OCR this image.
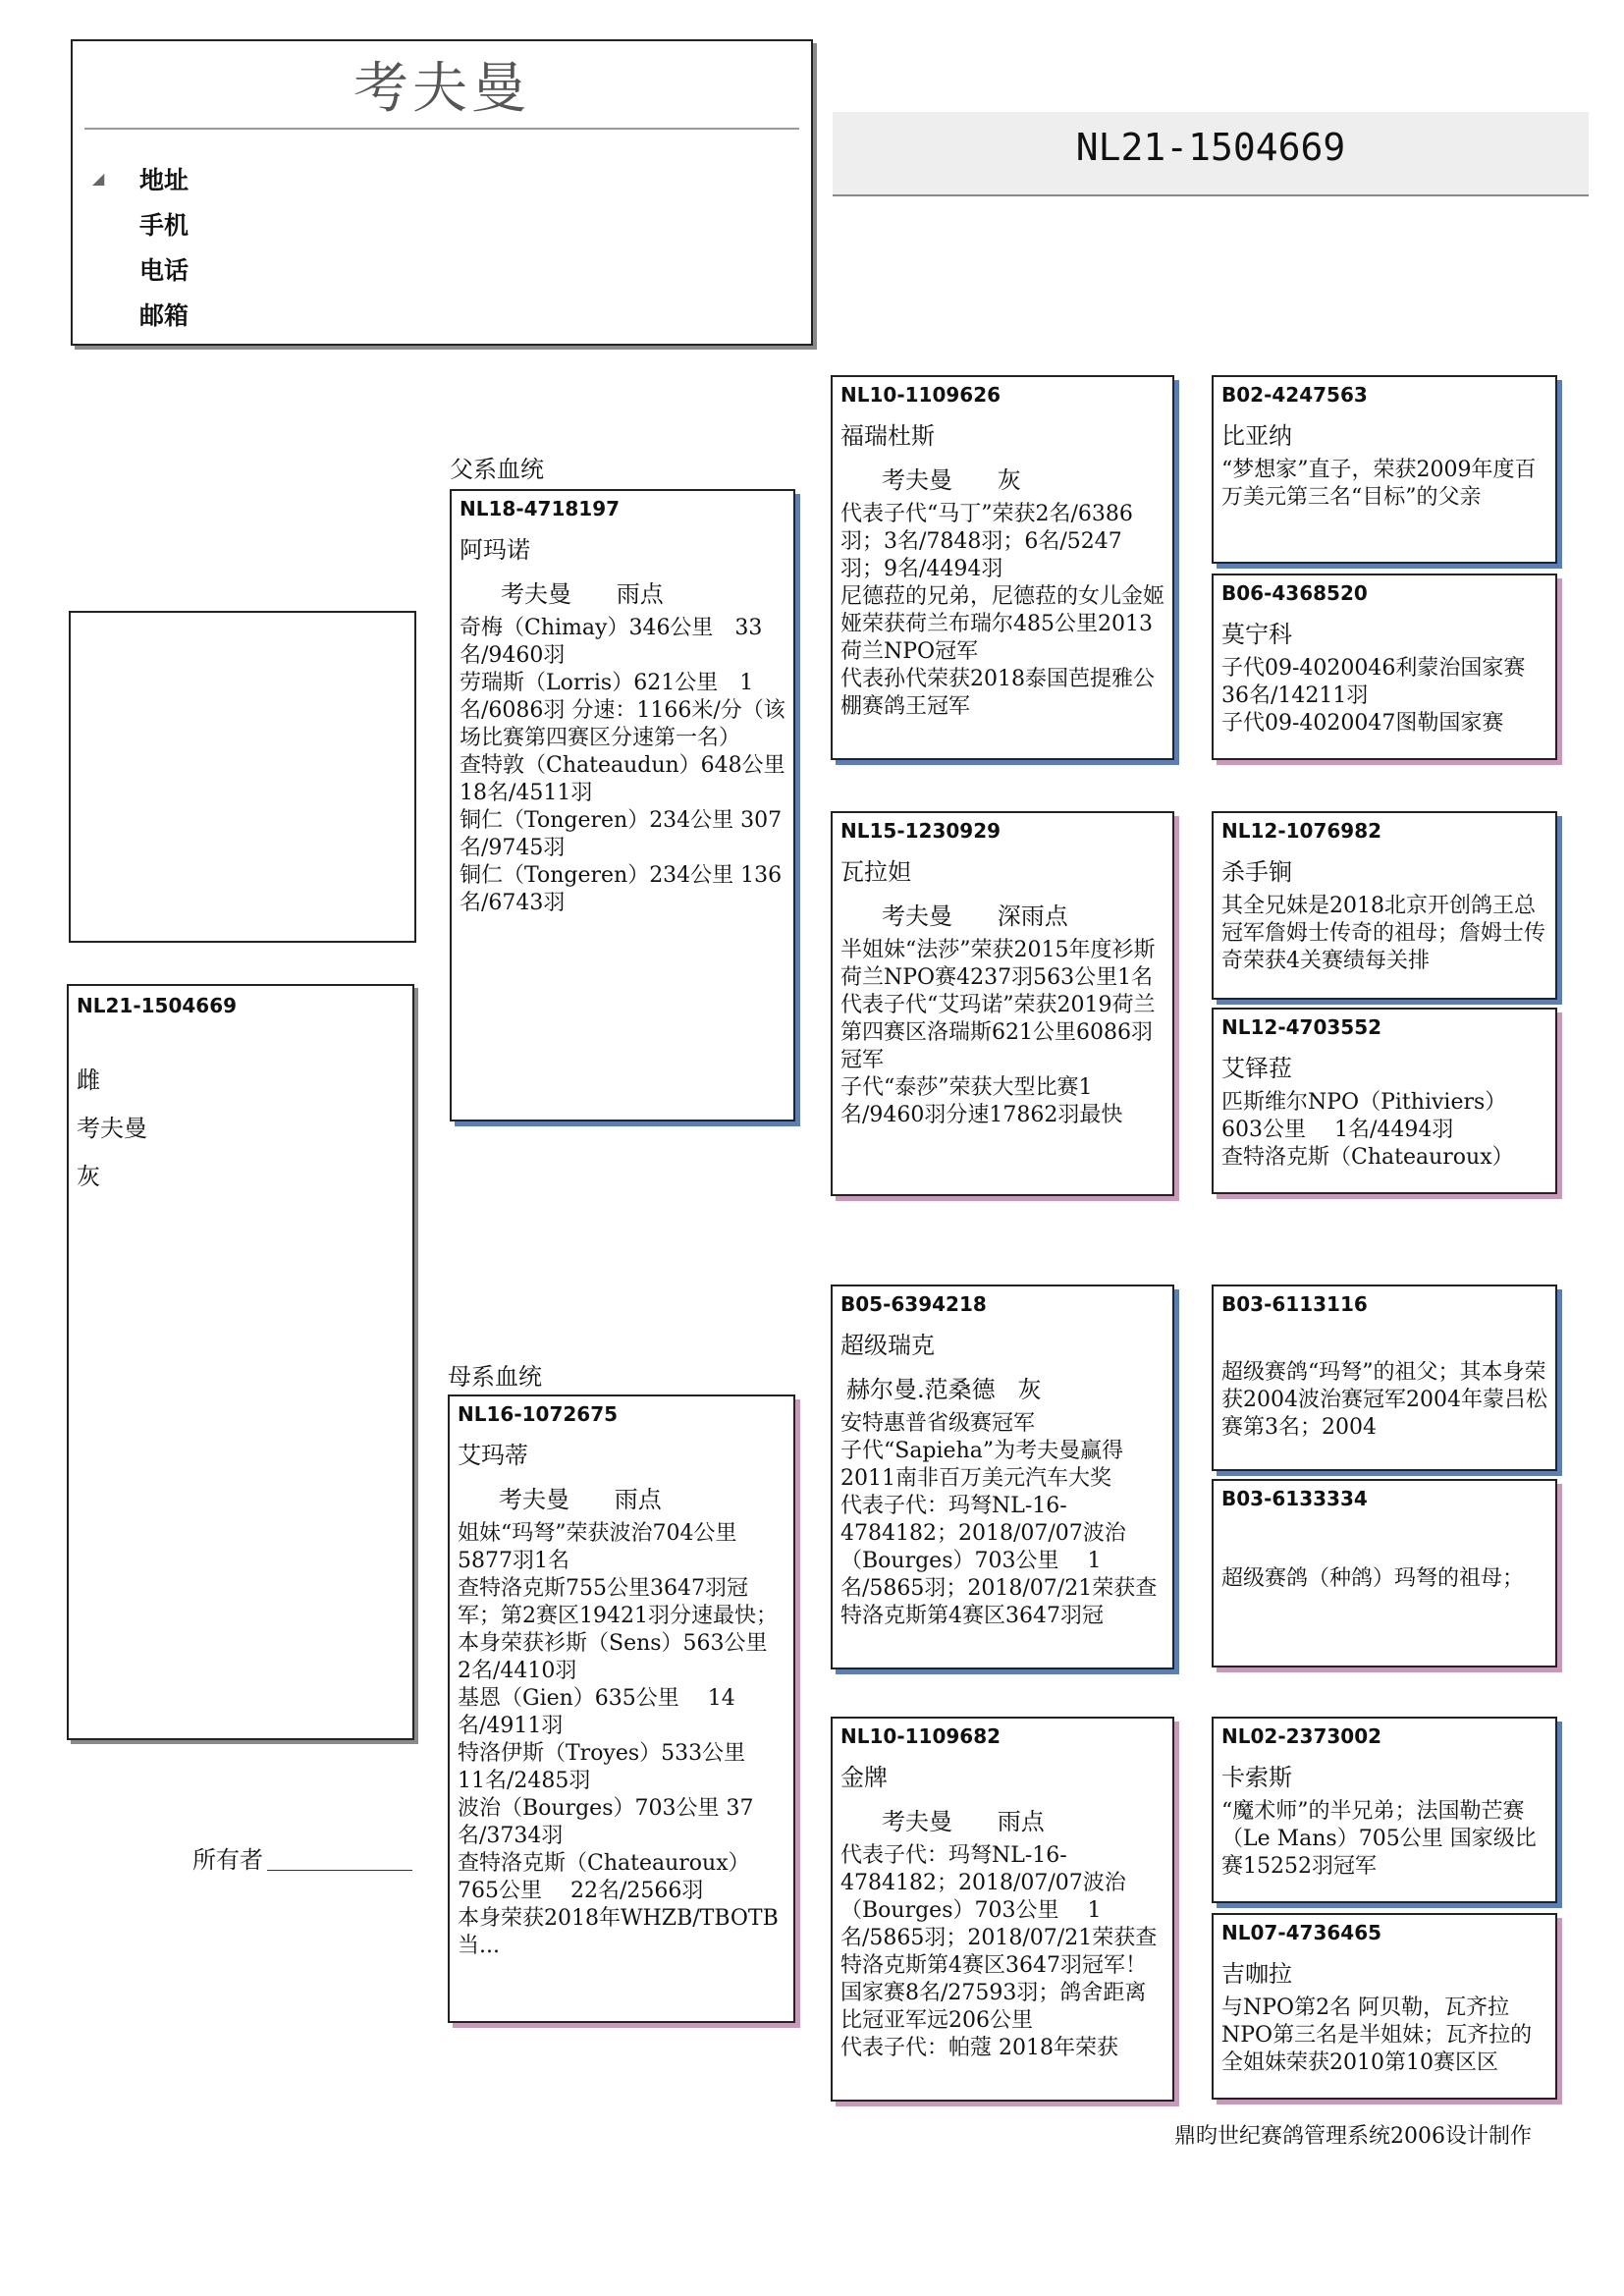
考夫曼
◢ 地址
手机
电话
邮箱
NL21-1504669
NL21-1504669
雌
考夫曼
灰
父系血统
母系血统
NL18-4718197
阿玛诺
考夫曼      雨点
奇梅（Chimay）346公里　33名/9460羽
劳瑞斯（Lorris）621公里　1名/6086羽 分速：1166米/分（该场比赛第四赛区分速第一名）
查特敦（Chateaudun）648公里 18名/4511羽
铜仁（Tongeren）234公里 307名/9745羽
铜仁（Tongeren）234公里 136名/6743羽
NL16-1072675
艾玛蒂
考夫曼      雨点
姐妹“玛弩”荣获波治704公里5877羽1名
查特洛克斯755公里3647羽冠军；第2赛区19421羽分速最快；
本身荣获衫斯（Sens）563公里　2名/4410羽
基恩（Gien）635公里　 14名/4911羽
特洛伊斯（Troyes）533公里　 11名/2485羽
波治（Bourges）703公里 37名/3734羽
查特洛克斯（Chateauroux）765公里　 22名/2566羽
本身荣获2018年WHZB/TBOTB当...
NL10-1109626
福瑞杜斯
考夫曼      灰
代表子代“马丁”荣获2名/6386羽；3名/7848羽；6名/5247羽；9名/4494羽
尼德菈的兄弟，尼德菈的女儿金姬娅荣获荷兰布瑞尔485公里2013荷兰NPO冠军
代表孙代荣获2018泰国芭提雅公棚赛鸽王冠军
NL15-1230929
瓦拉妲
考夫曼      深雨点
半姐妹“法莎”荣获2015年度衫斯荷兰NPO赛4237羽563公里1名
代表子代“艾玛诺”荣获2019荷兰第四赛区洛瑞斯621公里6086羽冠军
子代“泰莎”荣获大型比赛1名/9460羽分速17862羽最快
B05-6394218
超级瑞克
赫尔曼.范桑德   灰
安特惠普省级赛冠军
子代“Sapieha”为考夫曼赢得2011南非百万美元汽车大奖
代表子代：玛弩NL-16-4784182；2018/07/07波治（Bourges）703公里　 1名/5865羽；2018/07/21荣获查特洛克斯第4赛区3647羽冠
NL10-1109682
金牌
考夫曼      雨点
代表子代：玛弩NL-16-4784182；2018/07/07波治（Bourges）703公里　 1名/5865羽；2018/07/21荣获查特洛克斯第4赛区3647羽冠军！国家赛8名/27593羽；鸽舍距离比冠亚军远206公里
代表子代：帕蔻 2018年荣获
B02-4247563
比亚纳
“梦想家”直子，荣获2009年度百万美元第三名“目标”的父亲
B06-4368520
莫宁科
子代09-4020046利蒙治国家赛36名/14211羽
子代09-4020047图勒国家赛
NL12-1076982
杀手锏
其全兄妹是2018北京开创鸽王总冠军詹姆士传奇的祖母；詹姆士传奇荣获4关赛绩每关排
NL12-4703552
艾铎菈
匹斯维尔NPO（Pithiviers）603公里　 1名/4494羽
查特洛克斯（Chateauroux）
B03-6113116
超级赛鸽“玛弩”的祖父；其本身荣获2004波治赛冠军2004年蒙吕松赛第3名；2004
B03-6133334
超级赛鸽（种鸽）玛弩的祖母；
NL02-2373002
卡索斯
“魔术师”的半兄弟；法国勒芒赛（Le Mans）705公里 国家级比赛15252羽冠军
NL07-4736465
吉咖拉
与NPO第2名 阿贝勒，瓦齐拉NPO第三名是半姐妹；瓦齐拉的全姐妹荣获2010第10赛区区
所有者
鼎昀世纪赛鸽管理系统2006设计制作
